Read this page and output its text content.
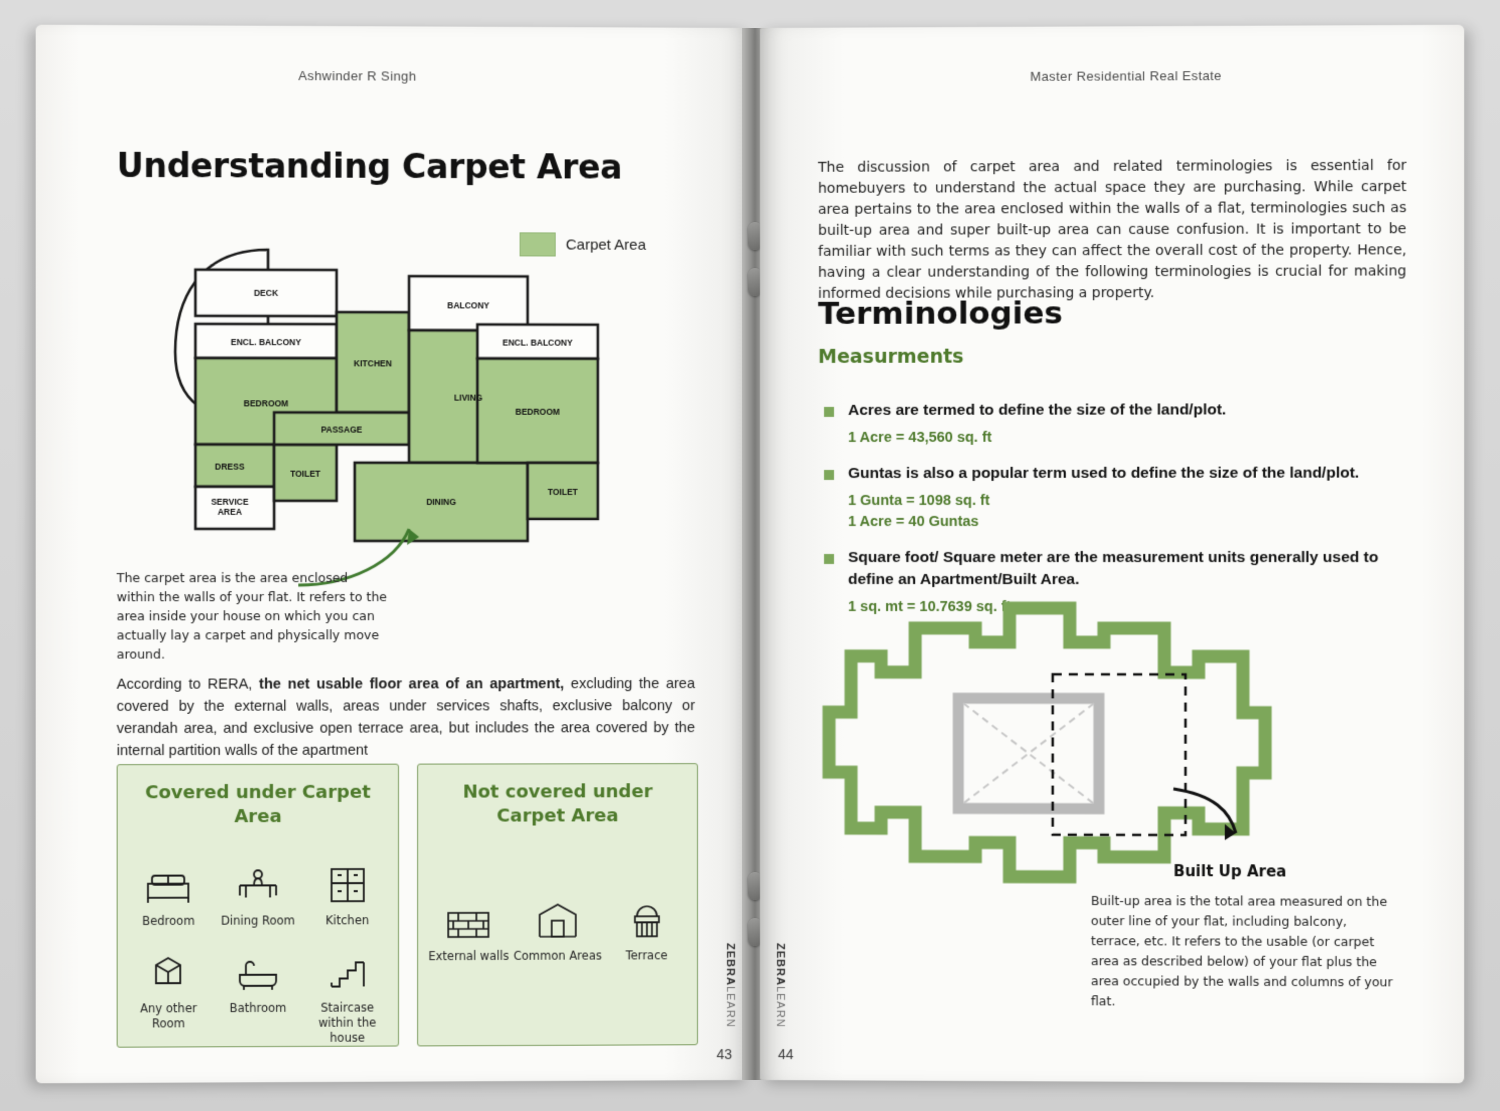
Ashwinder R Singh
Understanding Carpet Area
Carpet Area
DECK
ENCL. BALCONY
BEDROOM
KITCHEN
BALCONY
LIVING
ENCL. BALCONY
BEDROOM
PASSAGE
DRESS
SERVICE
AREA
TOILET
DINING
TOILET
The carpet area is the area enclosed within the walls of your flat. It refers to the area inside your house on which you can actually lay a carpet and physically move around.

According to RERA, the net usable floor area of an apartment, excluding the area covered by the external walls, areas under services shafts, exclusive balcony or verandah area, and exclusive open terrace area, but includes the area covered by the internal partition walls of the apartment

Covered under Carpet Area
Bedroom	Dining Room	Kitchen
Any other Room
Bathroom	Staircase within the house
Not covered under Carpet Area
External walls Common Areas	Terrace	ZEBRALEARN
43
Master Residential Real Estate
The discussion of carpet area and related terminologies is essential for homebuyers to understand the actual space they are purchasing. While carpet area pertains to the area enclosed within the walls of a flat, terminologies such as built-up area and super built-up area can cause confusion. It is important to be familiar with such terms as they can affect the overall cost of the property. Hence, having a clear understanding of the following terminologies is crucial for making informed decisions while purchasing a property.
Terminologies
Measurments
Acres are termed to define the size of the land/plot.
1 Acre = 43,560 sq. ft
Guntas is also a popular term used to define the size of the land/plot.
1 Gunta = 1098 sq. ft
1 Acre = 40 Guntas
Square foot/ Square meter are the measurement units generally used to define an Apartment/Built Area.
1 sq. mt = 10.7639 sq. ft
Built Up Area
Built-up area is the total area measured on the outer line of your flat, including balcony, terrace, etc. It refers to the usable (or carpet area as described below) of your flat plus the area occupied by the walls and columns of your flat.
ZEBRALEARN
44
